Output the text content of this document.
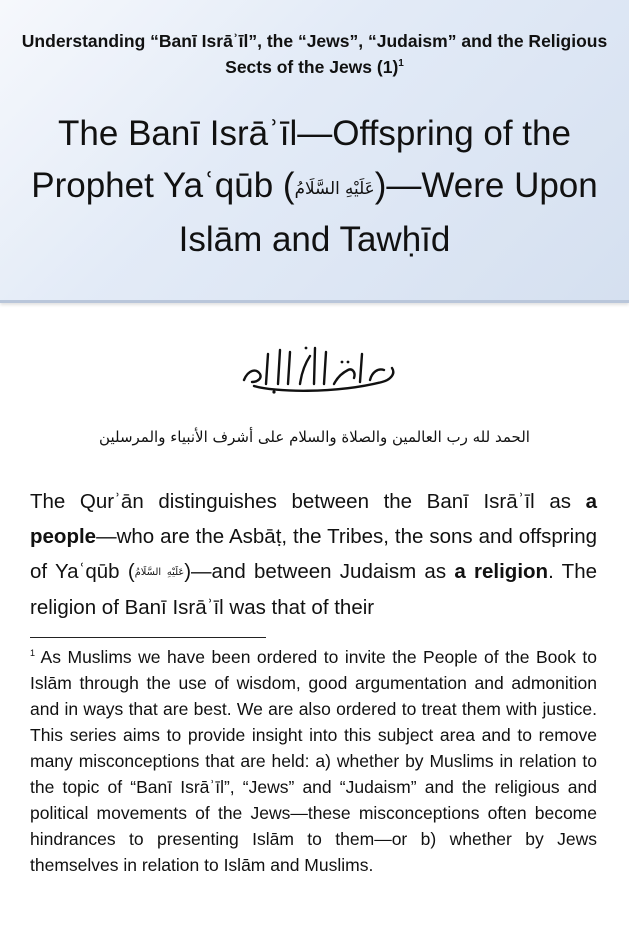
Understanding “Banī Isrāʾīl”, the “Jews”, “Judaism” and the Religious Sects of the Jews $(1)^1$
The Banī Isrāʾīl—Offspring of the Prophet Yaʿqūb (عَلَيْهِ السَّلَامُ)—Were Upon Islām and Tawḥīd
بسم الله الرحمن الرحيم
الحمد لله رب العالمين والصلاة والسلام على أشرف الأنبياء والمرسلين

The Qurʾān distinguishes between the Banī Isrāʾīl as a people—who are the Asbāṭ, the Tribes, the sons and offspring of Yaʿqūb (عَلَيْهِ السَّلَامُ)—and between Judaism as a religion. The religion of Banī Isrāʾīl was that of their

$^1$ As Muslims we have been ordered to invite the People of the Book to Islām through the use of wisdom, good argumentation and admonition and in ways that are best. We are also ordered to treat them with justice. This series aims to provide insight into this subject area and to remove many misconceptions that are held: a) whether by Muslims in relation to the topic of “Banī Isrāʾīl”, “Jews” and “Judaism” and the religious and political movements of the Jews—these misconceptions often become hindrances to presenting Islām to them—or b) whether by Jews themselves in relation to Islām and Muslims.
